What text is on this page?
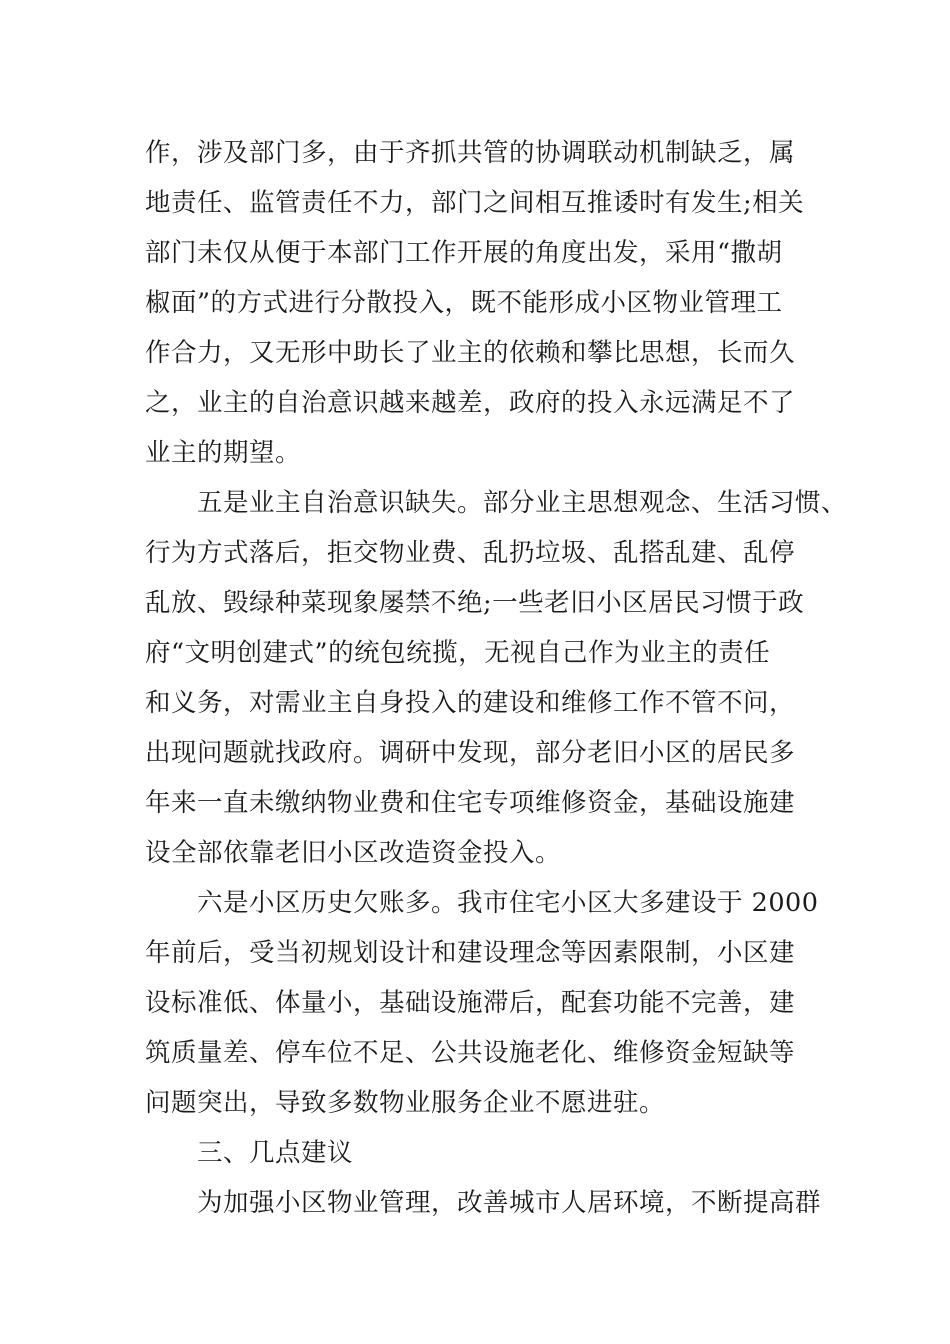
作，涉及部门多，由于齐抓共管的协调联动机制缺乏，属
地责任、监管责任不力，部门之间相互推诿时有发生;相关
部门未仅从便于本部门工作开展的角度出发，采用“撒胡
椒面”的方式进行分散投入，既不能形成小区物业管理工
作合力，又无形中助长了业主的依赖和攀比思想，长而久
之，业主的自治意识越来越差，政府的投入永远满足不了
业主的期望。
　　五是业主自治意识缺失。部分业主思想观念、生活习惯、
行为方式落后，拒交物业费、乱扔垃圾、乱搭乱建、乱停
乱放、毁绿种菜现象屡禁不绝;一些老旧小区居民习惯于政
府“文明创建式”的统包统揽，无视自己作为业主的责任
和义务，对需业主自身投入的建设和维修工作不管不问，
出现问题就找政府。调研中发现，部分老旧小区的居民多
年来一直未缴纳物业费和住宅专项维修资金，基础设施建
设全部依靠老旧小区改造资金投入。
　　六是小区历史欠账多。我市住宅小区大多建设于 2000
年前后，受当初规划设计和建设理念等因素限制，小区建
设标准低、体量小，基础设施滞后，配套功能不完善，建
筑质量差、停车位不足、公共设施老化、维修资金短缺等
问题突出，导致多数物业服务企业不愿进驻。
　　三、几点建议
　　为加强小区物业管理，改善城市人居环境，不断提高群
